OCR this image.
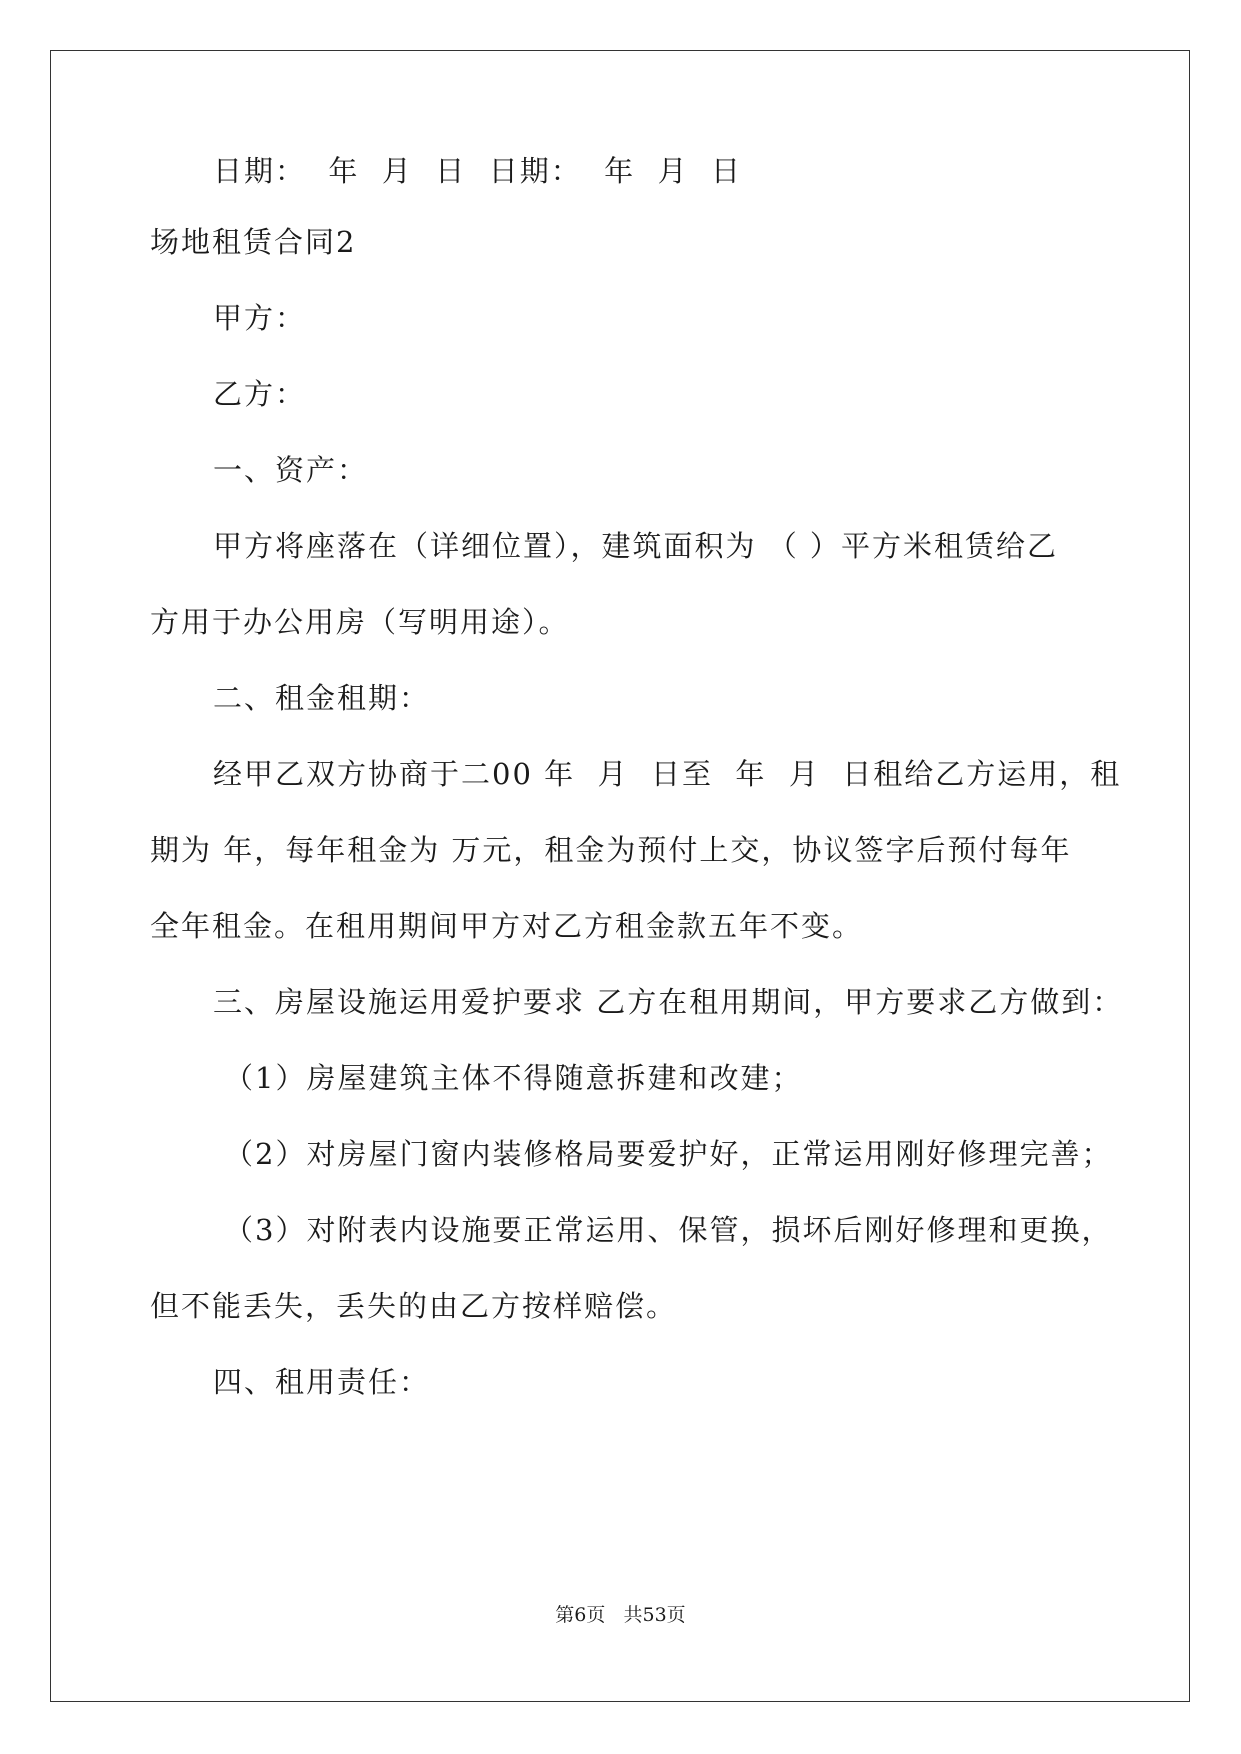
日期：  年  月  日  日期：  年  月  日
场地租赁合同2
甲方：
乙方：
一、资产：
甲方将座落在（详细位置），建筑面积为 （ ）平方米租赁给乙
方用于办公用房（写明用途）。
二、租金租期：
经甲乙双方协商于二00 年  月  日至  年  月  日租给乙方运用，租
期为 年，每年租金为 万元，租金为预付上交，协议签字后预付每年
全年租金。在租用期间甲方对乙方租金款五年不变。
三、房屋设施运用爱护要求 乙方在租用期间，甲方要求乙方做到：
（1）房屋建筑主体不得随意拆建和改建；
（2）对房屋门窗内装修格局要爱护好，正常运用刚好修理完善；
（3）对附表内设施要正常运用、保管，损坏后刚好修理和更换，
但不能丢失，丢失的由乙方按样赔偿。
四、租用责任：
第6页   共53页
